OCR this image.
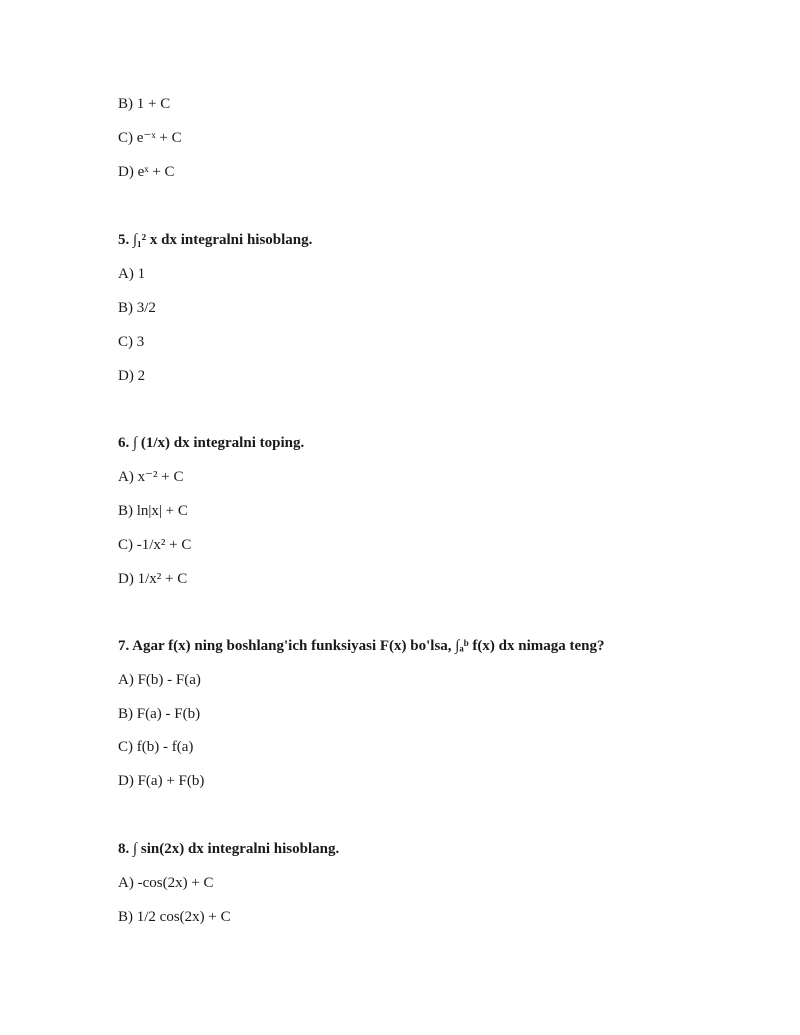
B) 1 + C
C) e⁻ˣ + C
D) eˣ + C
5. ∫₁² x dx integralni hisoblang.
A) 1
B) 3/2
C) 3
D) 2
6. ∫ (1/x) dx integralni toping.
A) x⁻² + C
B) ln|x| + C
C) -1/x² + C
D) 1/x² + C
7. Agar f(x) ning boshlang'ich funksiyasi F(x) bo'lsa, ∫ₐᵇ f(x) dx nimaga teng?
A) F(b) - F(a)
B) F(a) - F(b)
C) f(b) - f(a)
D) F(a) + F(b)
8. ∫ sin(2x) dx integralni hisoblang.
A) -cos(2x) + C
B) 1/2 cos(2x) + C
